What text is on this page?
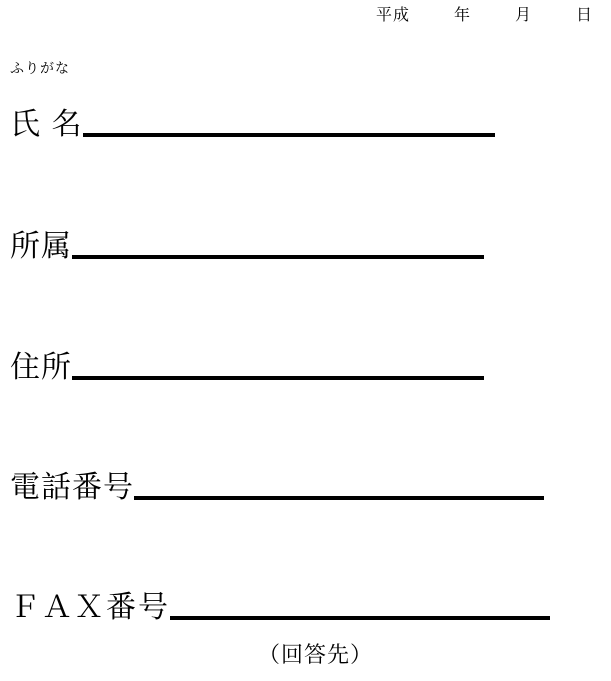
平成	年	月	日
ふりがな
氏 名
所属
住所
電話番号
ＦＡＸ番号
（回答先）
